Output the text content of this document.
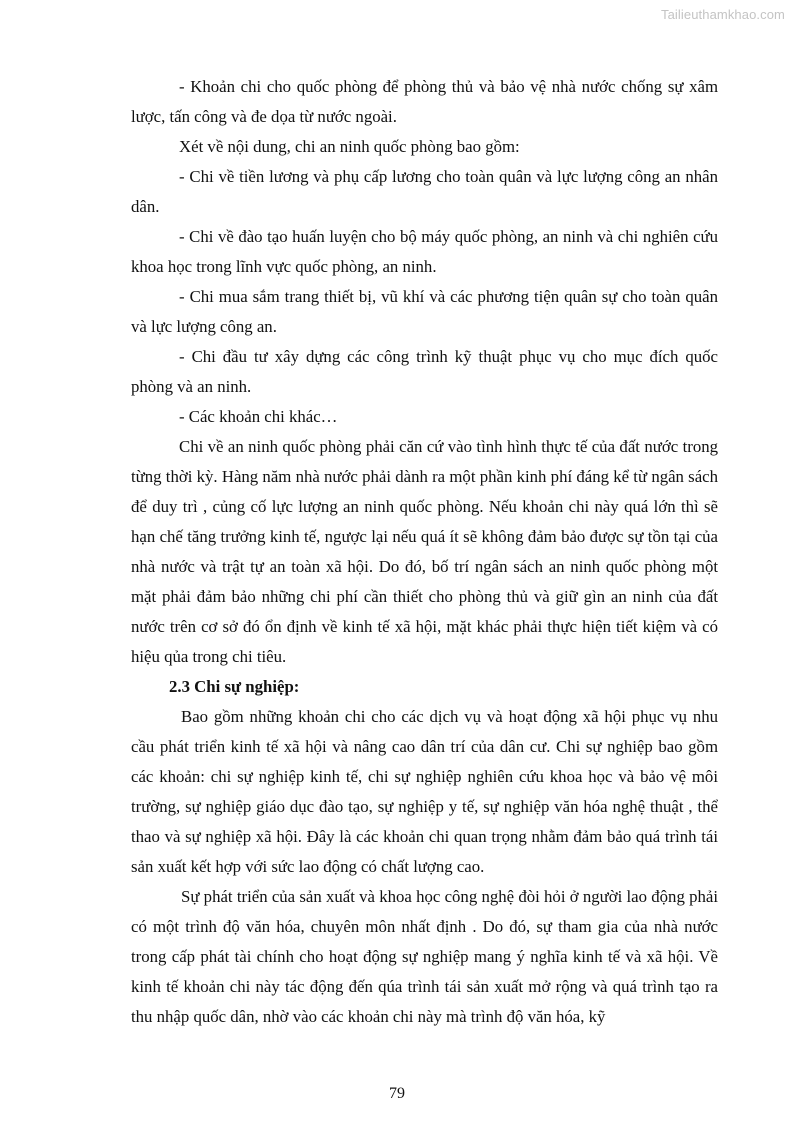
Tailieuthamkhao.com

- Khoản chi cho quốc phòng để phòng thủ và bảo vệ nhà nước chống sự xâm lược, tấn công và đe dọa từ nước ngoài.

Xét về nội dung, chi an ninh quốc phòng bao gồm:

- Chi về tiền lương và phụ cấp lương cho toàn quân và lực lượng công an nhân dân.

- Chi về đào tạo huấn luyện cho bộ máy quốc phòng, an ninh và chi nghiên cứu khoa học trong lĩnh vực quốc phòng, an ninh.

- Chi mua sắm trang thiết bị, vũ khí và các phương tiện quân sự cho toàn quân và lực lượng công an.

- Chi đầu tư xây dựng các công trình kỹ thuật phục vụ cho mục đích quốc phòng và an ninh.

- Các khoản chi khác…

Chi về an ninh quốc phòng phải căn cứ vào tình hình thực tế của đất nước trong từng thời kỳ. Hàng năm nhà nước phải dành ra một phần kinh phí đáng kể từ ngân sách để duy trì , củng cố lực lượng an ninh quốc phòng. Nếu khoản chi này quá lớn thì sẽ hạn chế tăng trưởng kinh tế, ngược lại nếu quá ít sẽ không đảm bảo được sự tồn tại của nhà nước và trật tự an toàn xã hội. Do đó, bố trí ngân sách an ninh quốc phòng một mặt phải đảm bảo những chi phí cần thiết cho phòng thủ và giữ gìn an ninh của đất nước trên cơ sở đó ổn định về kinh tế xã hội, mặt khác phải thực hiện tiết kiệm và có hiệu qủa trong chi tiêu.

2.3 Chi sự nghiệp:

Bao gồm những khoản chi cho các dịch vụ và hoạt động xã hội phục vụ nhu cầu phát triển kinh tế xã hội và nâng cao dân trí của dân cư. Chi sự nghiệp bao gồm các khoản: chi sự nghiệp kinh tế, chi sự nghiệp nghiên cứu khoa học và bảo vệ môi trường, sự nghiệp giáo dục đào tạo, sự nghiệp y tế, sự nghiệp văn hóa nghệ thuật , thể thao và sự nghiệp xã hội. Đây là các khoản chi quan trọng nhằm đảm bảo quá trình tái sản xuất kết hợp với sức lao động có chất lượng cao.

Sự phát triển của sản xuất và khoa học công nghệ đòi hỏi ở người lao động phải có một trình độ văn hóa, chuyên môn nhất định . Do đó, sự tham gia của nhà nước trong cấp phát tài chính cho hoạt động sự nghiệp mang ý nghĩa kinh tế và xã hội. Về kinh tế khoản chi này tác động đến qúa trình tái sản xuất mở rộng và quá trình tạo ra thu nhập quốc dân, nhờ vào các khoản chi này mà trình độ văn hóa, kỹ

79
